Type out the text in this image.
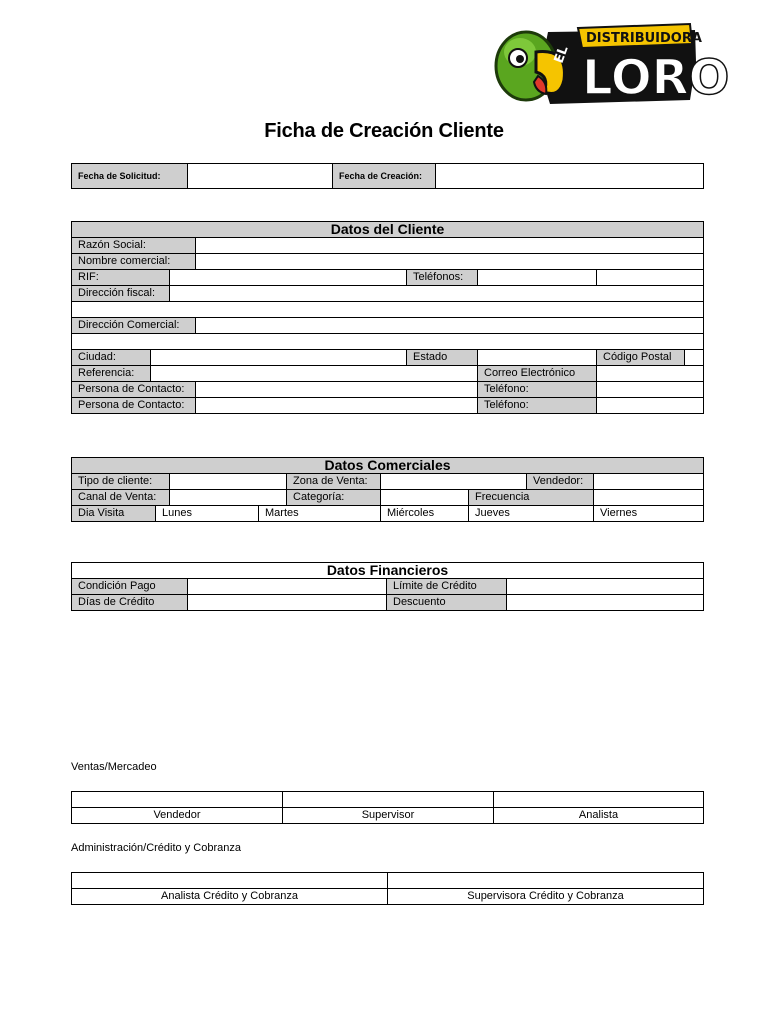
EL
DISTRIBUIDORA
LORO
Ficha de Creación Cliente
Fecha de Solicitud:		Fecha de Creación:	
Datos del Cliente							
Razón Social:							
Nombre comercial:							
RIF:				Teléfonos:			
Dirección fiscal:							

Dirección Comercial:							

Ciudad:				Estado		Código Postal	
Referencia:					Correo Electrónico		
Persona de Contacto:					Teléfono:		
Persona de Contacto:					Teléfono:		
Datos Comerciales								
Tipo de cliente:				Zona de Venta:			Vendedor:	
Canal de Venta:				Categoría:		Frecuencia		
Dia Visita	Lunes		Martes		Miércoles	Jueves		Viernes
Datos Financieros			
Condición Pago		Límite de Crédito	
Días de Crédito		Descuento	
Ventas/Mercadeo

Vendedor	Supervisor	Analista
Administración/Crédito y Cobranza

Analista Crédito y Cobranza	Supervisora Crédito y Cobranza
